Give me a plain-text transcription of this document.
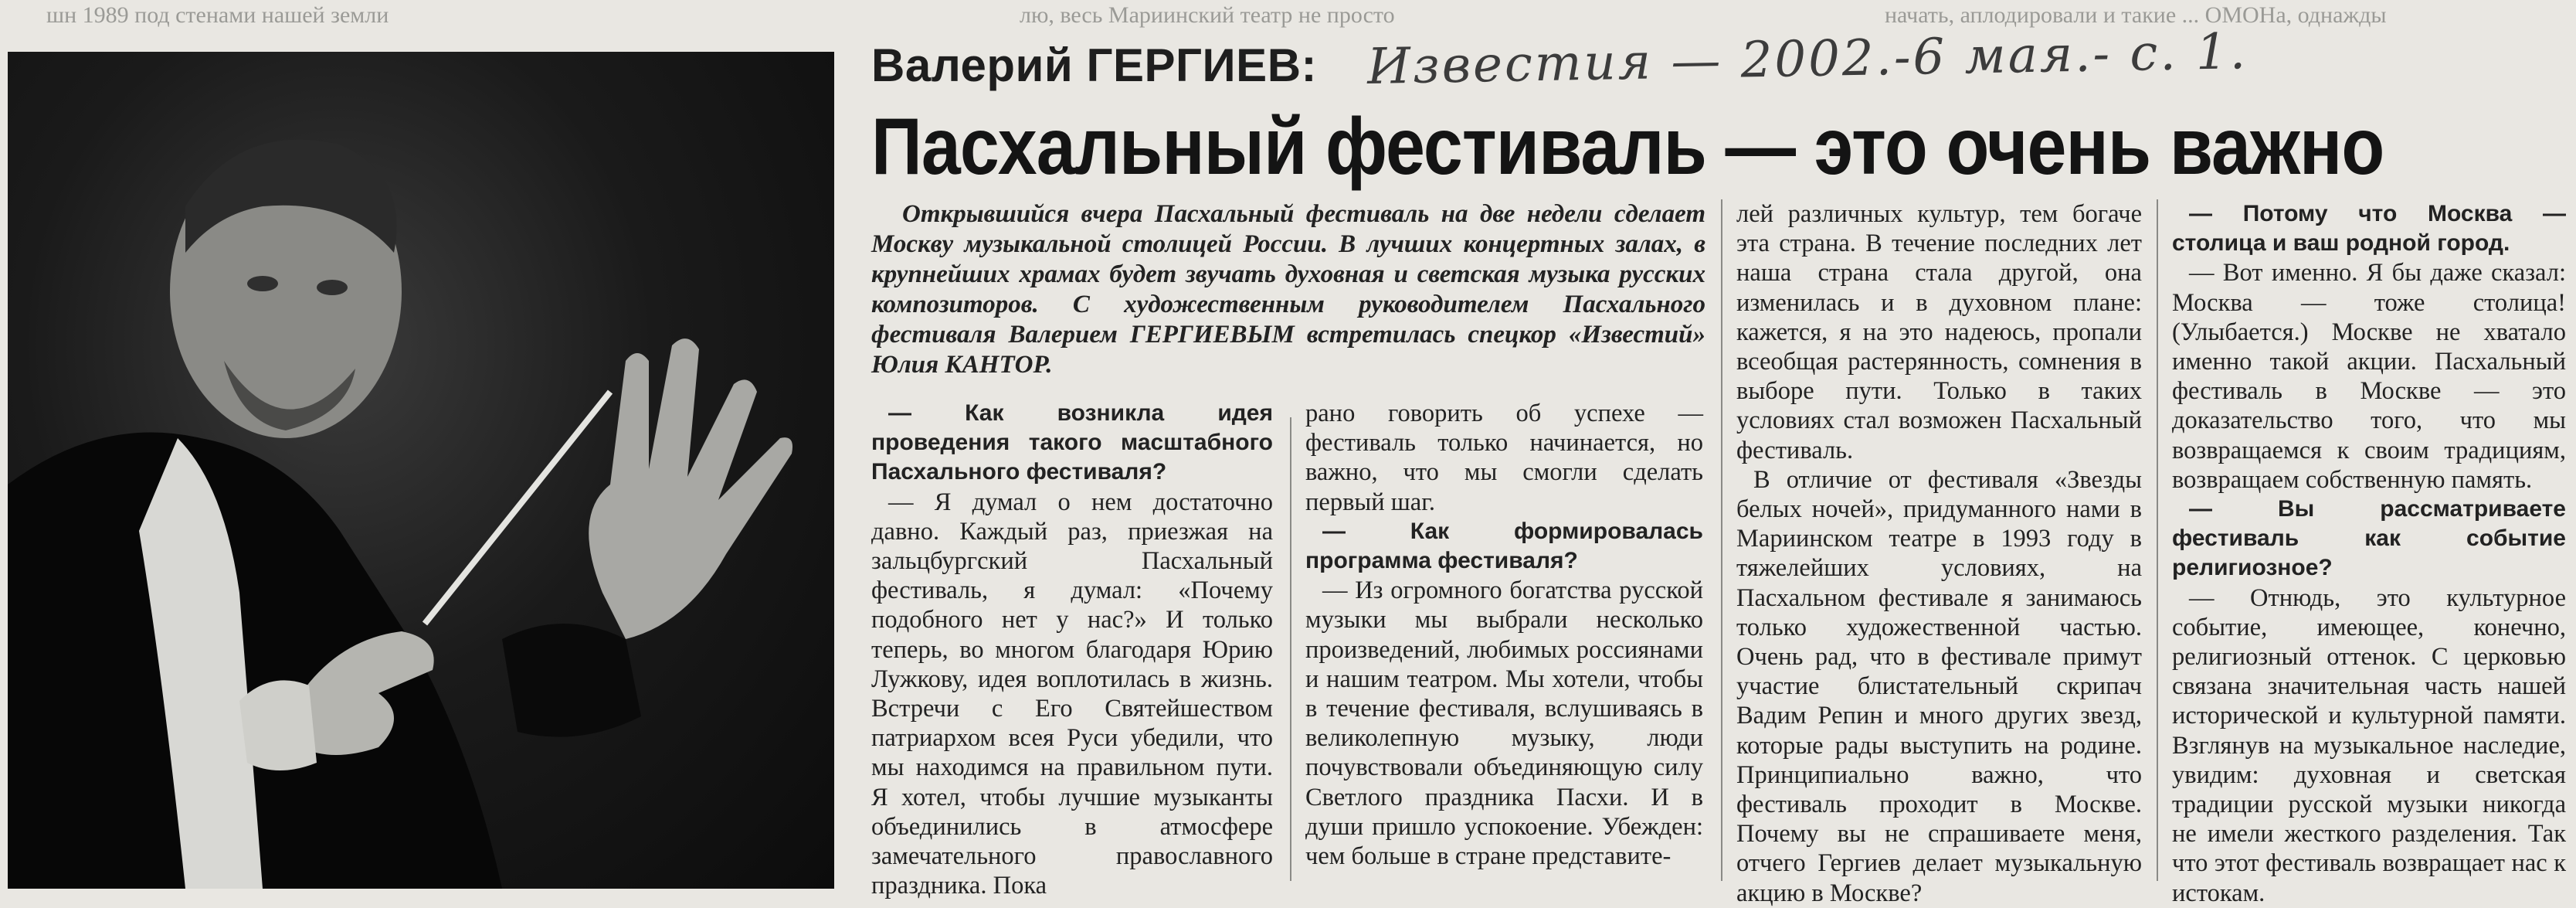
шн 1989 под стенами нашей земли	лю, весь Мариинский театр не просто	начать, аплодировали и такие ... ОМОНа, однажды
Валерий ГЕРГИЕВ: Известия — 2002.-6 мая.- с. 1.
Пасхальный фестиваль — это очень важно
Открывшийся вчера Пасхальный фестиваль на две недели сделает Москву музыкальной столицей России. В лучших концертных залах, в крупнейших храмах будет звучать духовная и светская музыка русских композиторов. С художественным руководителем Пасхального фестиваля Валерием ГЕРГИЕВЫМ встретилась спецкор «Известий» Юлия КАНТОР.

— Как возникла идея проведения такого масштабного Пасхального фестиваля?

— Я думал о нем достаточно давно. Каждый раз, приезжая на зальцбургский Пасхальный фестиваль, я думал: «Почему подобного нет у нас?» И только теперь, во многом благодаря Юрию Лужкову, идея воплотилась в жизнь. Встречи с Его Святейшеством патриархом всея Руси убедили, что мы находимся на правильном пути. Я хотел, чтобы лучшие музыканты объединились в атмосфере замечательного православного праздника. Пока

рано говорить об успехе — фестиваль только начинается, но важно, что мы смогли сделать первый шаг.

— Как формировалась программа фестиваля?

— Из огромного богатства русской музыки мы выбрали несколько произведений, любимых россиянами и нашим театром. Мы хотели, чтобы в течение фестиваля, вслушиваясь в великолепную музыку, люди почувствовали объединяющую силу Светлого праздника Пасхи. И в души пришло успокоение. Убежден: чем больше в стране представите-

лей различных культур, тем богаче эта страна. В течение последних лет наша страна стала другой, она изменилась и в духовном плане: кажется, я на это надеюсь, пропали всеобщая растерянность, сомнения в выборе пути. Только в таких условиях стал возможен Пасхальный фестиваль.

В отличие от фестиваля «Звезды белых ночей», придуманного нами в Мариинском театре в 1993 году в тяжелейших условиях, на Пасхальном фестивале я занимаюсь только художественной частью. Очень рад, что в фестивале примут участие блистательный скрипач Вадим Репин и много других звезд, которые рады выступить на родине. Принципиально важно, что фестиваль проходит в Москве. Почему вы не спрашиваете меня, отчего Гергиев делает музыкальную акцию в Москве?

— Потому что Москва — столица и ваш родной город.

— Вот именно. Я бы даже сказал: Москва — тоже столица! (Улыбается.) Москве не хватало именно такой акции. Пасхальный фестиваль в Москве — это доказательство того, что мы возвращаемся к своим традициям, возвращаем собственную память.

— Вы рассматриваете фестиваль как событие религиозное?

— Отнюдь, это культурное событие, имеющее, конечно, религиозный оттенок. С церковью связана значительная часть нашей исторической и культурной памяти. Взглянув на музыкальное наследие, увидим: духовная и светская традиции русской музыки никогда не имели жесткого разделения. Так что этот фестиваль возвращает нас к истокам.
